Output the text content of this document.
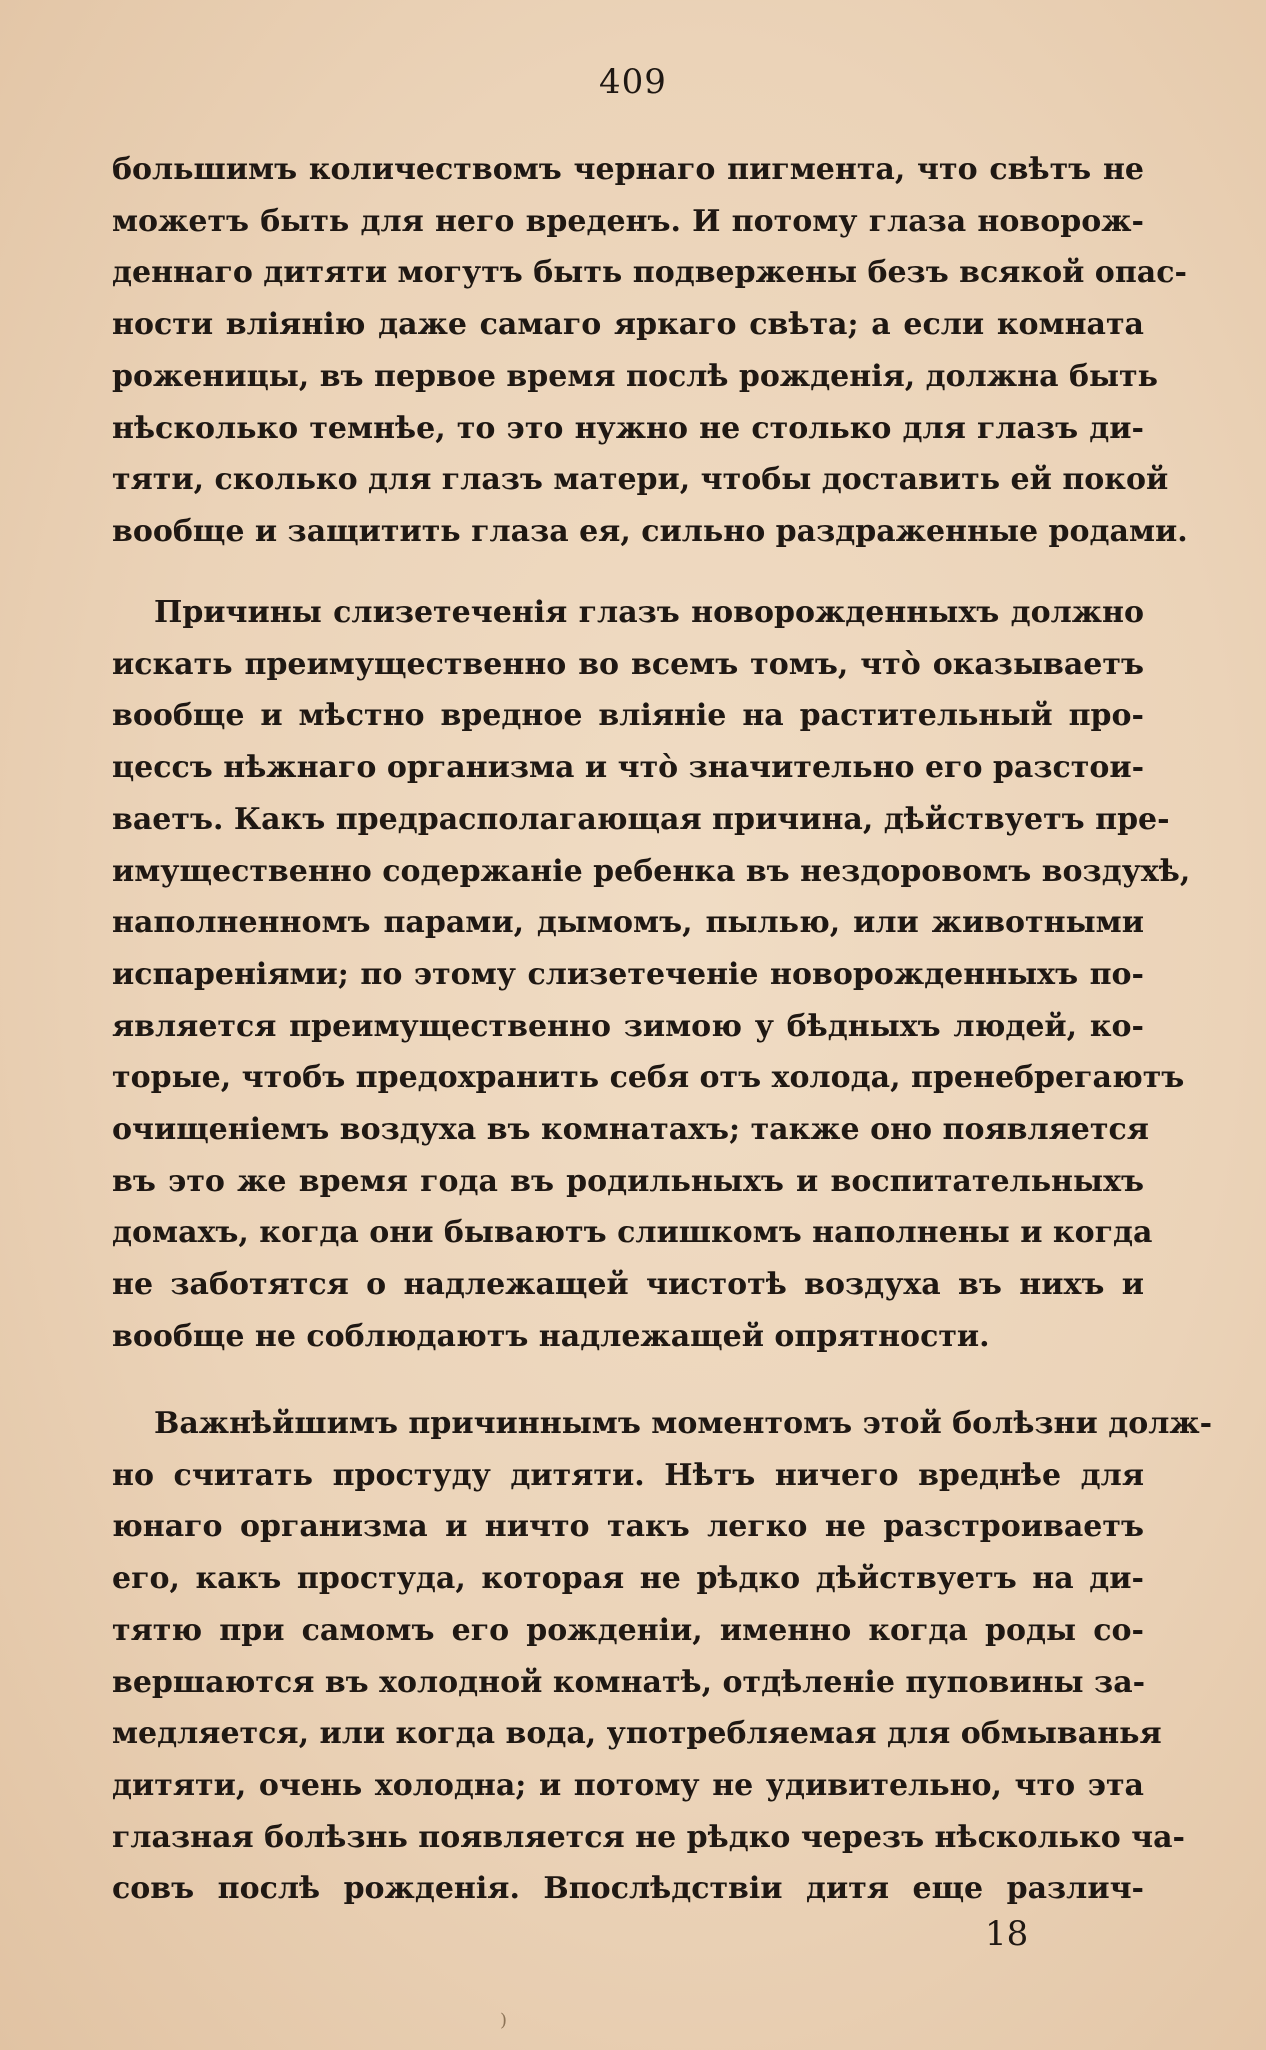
409
большимъ количествомъ чернаго пигмента, что свѣтъ не
можетъ быть для него вреденъ. И потому глаза новорож-
деннаго дитяти могутъ быть подвержены безъ всякой опас-
ности вліянію даже самаго яркаго свѣта; а если комната
роженицы, въ первое время послѣ рожденія, должна быть
нѣсколько темнѣе, то это нужно не столько для глазъ ди-
тяти, сколько для глазъ матери, чтобы доставить ей покой
вообще и защитить глаза ея, сильно раздраженные родами.
Причины слизетеченія глазъ новорожденныхъ должно
искать преимущественно во всемъ томъ, что̀ оказываетъ
вообще и мѣстно вредное вліяніе на растительный про-
цессъ нѣжнаго организма и что̀ значительно его разстои-
ваетъ. Какъ предрасполагающая причина, дѣйствуетъ пре-
имущественно содержаніе ребенка въ нездоровомъ воздухѣ,
наполненномъ парами, дымомъ, пылью, или животными
испареніями; по этому слизетеченіе новорожденныхъ по-
является преимущественно зимою у бѣдныхъ людей, ко-
торые, чтобъ предохранить себя отъ холода, пренебрегаютъ
очищеніемъ воздуха въ комнатахъ; также оно появляется
въ это же время года въ родильныхъ и воспитательныхъ
домахъ, когда они бываютъ слишкомъ наполнены и когда
не заботятся о надлежащей чистотѣ воздуха въ нихъ и
вообще не соблюдаютъ надлежащей опрятности.
Важнѣйшимъ причиннымъ моментомъ этой болѣзни долж-
но считать простуду дитяти. Нѣтъ ничего вреднѣе для
юнаго организма и ничто такъ легко не разстроиваетъ
его, какъ простуда, которая не рѣдко дѣйствуетъ на ди-
тятю при самомъ его рожденіи, именно когда роды со-
вершаются въ холодной комнатѣ, отдѣленіе пуповины за-
медляется, или когда вода, употребляемая для обмыванья
дитяти, очень холодна; и потому не удивительно, что эта
глазная болѣзнь появляется не рѣдко черезъ нѣсколько ча-
совъ послѣ рожденія. Впослѣдствіи дитя еще различ-
18
)
